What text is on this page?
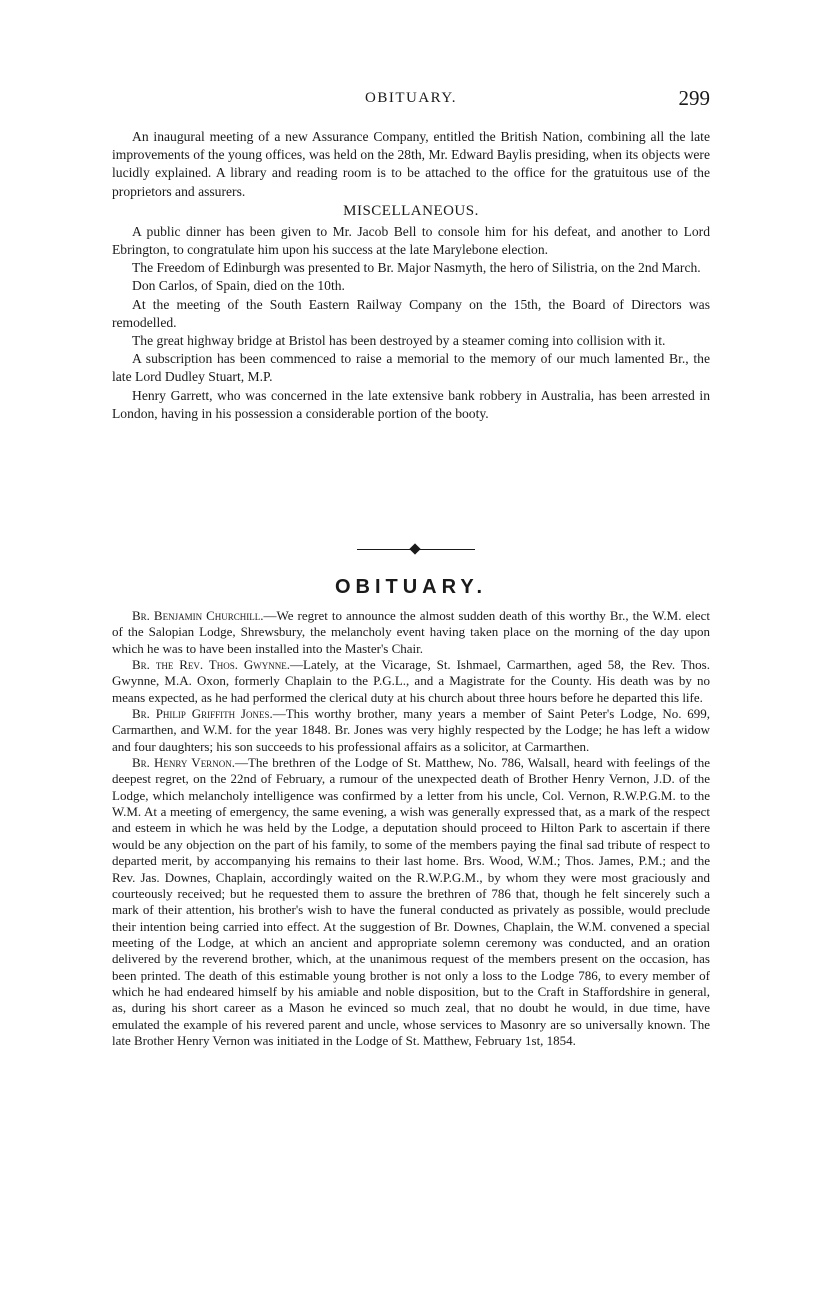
OBITUARY.	299

An inaugural meeting of a new Assurance Company, entitled the British Nation, combining all the late improvements of the young offices, was held on the 28th, Mr. Edward Baylis presiding, when its objects were lucidly explained. A library and reading room is to be attached to the office for the gratuitous use of the proprietors and assurers.

MISCELLANEOUS.

A public dinner has been given to Mr. Jacob Bell to console him for his defeat, and another to Lord Ebrington, to congratulate him upon his success at the late Marylebone election.

The Freedom of Edinburgh was presented to Br. Major Nasmyth, the hero of Silistria, on the 2nd March.

Don Carlos, of Spain, died on the 10th.

At the meeting of the South Eastern Railway Company on the 15th, the Board of Directors was remodelled.

The great highway bridge at Bristol has been destroyed by a steamer coming into collision with it.

A subscription has been commenced to raise a memorial to the memory of our much lamented Br., the late Lord Dudley Stuart, M.P.

Henry Garrett, who was concerned in the late extensive bank robbery in Australia, has been arrested in London, having in his possession a considerable portion of the booty.

OBITUARY.

Br. Benjamin Churchill.—We regret to announce the almost sudden death of this worthy Br., the W.M. elect of the Salopian Lodge, Shrewsbury, the melancholy event having taken place on the morning of the day upon which he was to have been installed into the Master's Chair.

Br. the Rev. Thos. Gwynne.—Lately, at the Vicarage, St. Ishmael, Carmarthen, aged 58, the Rev. Thos. Gwynne, M.A. Oxon, formerly Chaplain to the P.G.L., and a Magistrate for the County. His death was by no means expected, as he had performed the clerical duty at his church about three hours before he departed this life.

Br. Philip Griffith Jones.—This worthy brother, many years a member of Saint Peter's Lodge, No. 699, Carmarthen, and W.M. for the year 1848. Br. Jones was very highly respected by the Lodge; he has left a widow and four daughters; his son succeeds to his professional affairs as a solicitor, at Carmarthen.

Br. Henry Vernon.—The brethren of the Lodge of St. Matthew, No. 786, Walsall, heard with feelings of the deepest regret, on the 22nd of February, a rumour of the unexpected death of Brother Henry Vernon, J.D. of the Lodge, which melancholy intelligence was confirmed by a letter from his uncle, Col. Vernon, R.W.P.G.M. to the W.M. At a meeting of emergency, the same evening, a wish was generally expressed that, as a mark of the respect and esteem in which he was held by the Lodge, a deputation should proceed to Hilton Park to ascertain if there would be any objection on the part of his family, to some of the members paying the final sad tribute of respect to departed merit, by accompanying his remains to their last home. Brs. Wood, W.M.; Thos. James, P.M.; and the Rev. Jas. Downes, Chaplain, accordingly waited on the R.W.P.G.M., by whom they were most graciously and courteously received; but he requested them to assure the brethren of 786 that, though he felt sincerely such a mark of their attention, his brother's wish to have the funeral conducted as privately as possible, would preclude their intention being carried into effect. At the suggestion of Br. Downes, Chaplain, the W.M. convened a special meeting of the Lodge, at which an ancient and appropriate solemn ceremony was conducted, and an oration delivered by the reverend brother, which, at the unanimous request of the members present on the occasion, has been printed. The death of this estimable young brother is not only a loss to the Lodge 786, to every member of which he had endeared himself by his amiable and noble disposition, but to the Craft in Staffordshire in general, as, during his short career as a Mason he evinced so much zeal, that no doubt he would, in due time, have emulated the example of his revered parent and uncle, whose services to Masonry are so universally known. The late Brother Henry Vernon was initiated in the Lodge of St. Matthew, February 1st, 1854.
